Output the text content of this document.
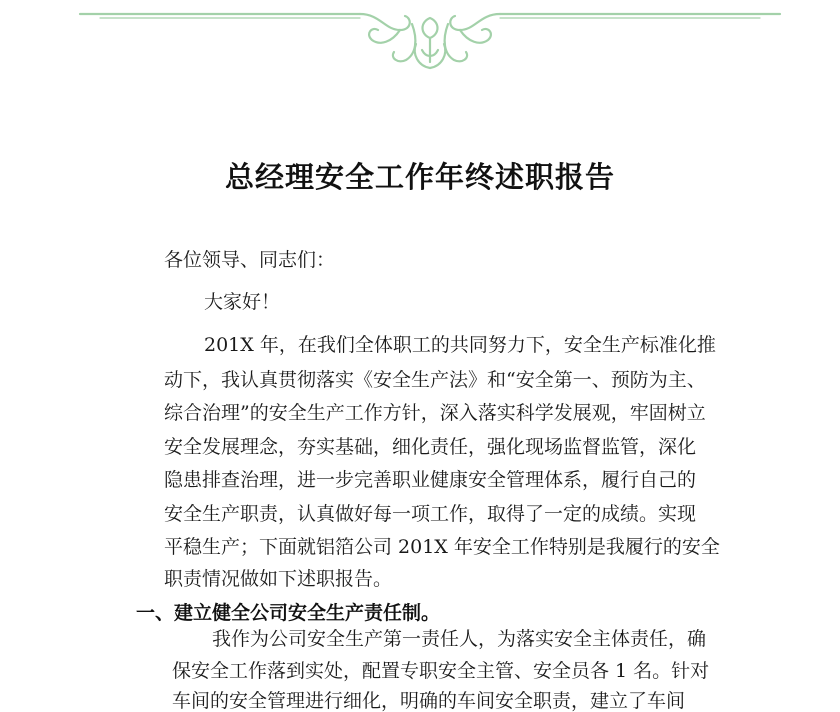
总经理安全工作年终述职报告
各位领导、同志们：
大家好！
201X 年，在我们全体职工的共同努力下，安全生产标准化推
动下，我认真贯彻落实《安全生产法》和“安全第一、预防为主、
综合治理”的安全生产工作方针，深入落实科学发展观，牢固树立
安全发展理念，夯实基础，细化责任，强化现场监督监管，深化
隐患排查治理，进一步完善职业健康安全管理体系，履行自己的
安全生产职责，认真做好每一项工作，取得了一定的成绩。实现
平稳生产；下面就铝箔公司 201X 年安全工作特别是我履行的安全
职责情况做如下述职报告。
一、建立健全公司安全生产责任制。
我作为公司安全生产第一责任人，为落实安全主体责任，确
保安全工作落到实处，配置专职安全主管、安全员各 1 名。针对
车间的安全管理进行细化，明确的车间安全职责，建立了车间
